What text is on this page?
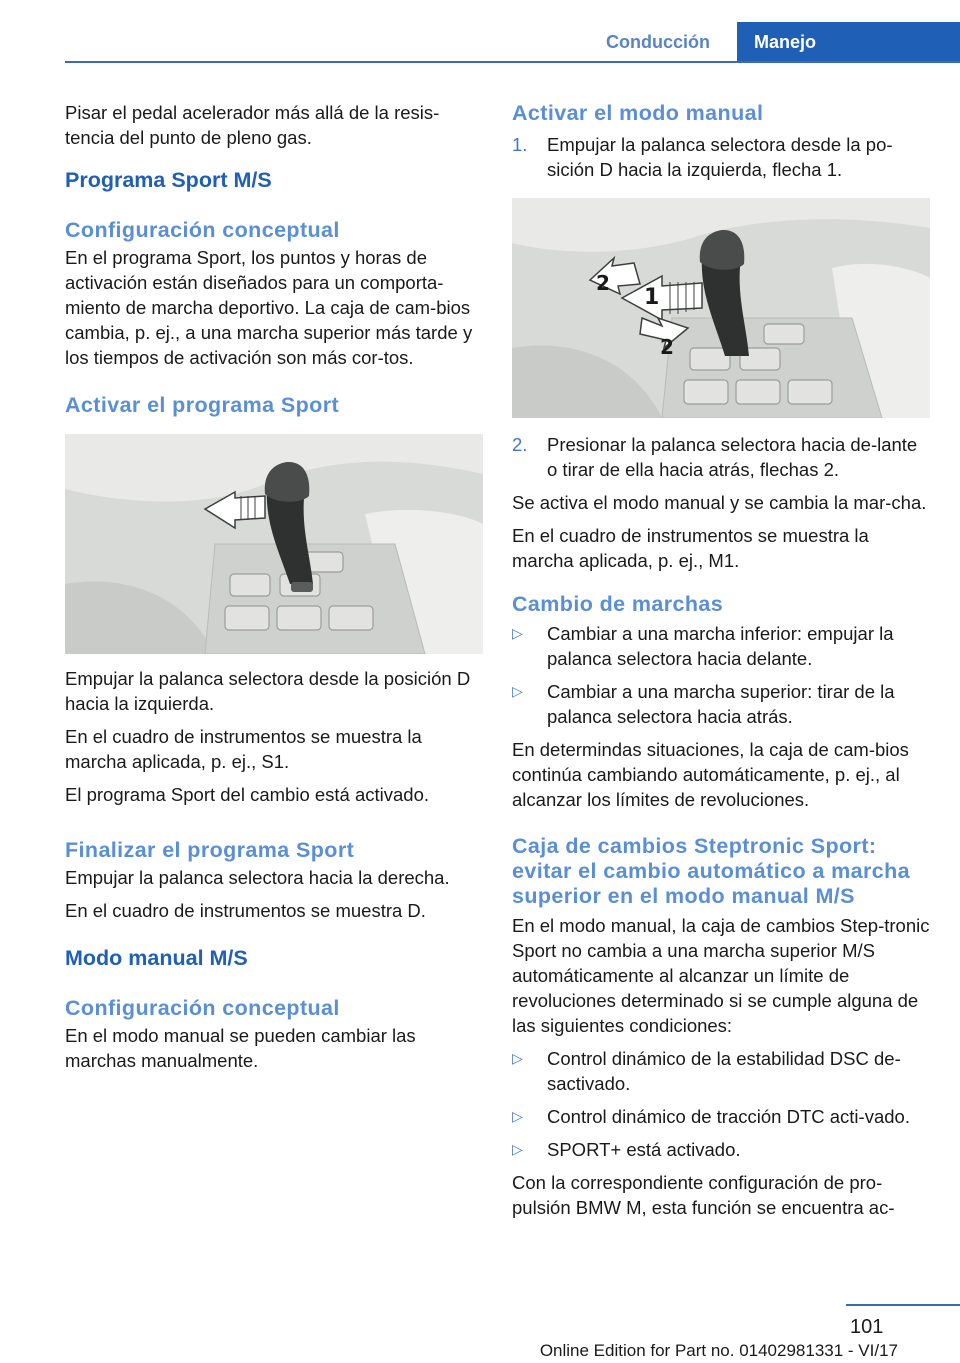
Conducción	Manejo

Pisar el pedal acelerador más allá de la resis‐tencia del punto de pleno gas.

Programa Sport M/S
Configuración conceptual

En el programa Sport, los puntos y horas de activación están diseñados para un comporta‐miento de marcha deportivo. La caja de cam‐bios cambia, p. ej., a una marcha superior más tarde y los tiempos de activación son más cor‐tos.

Activar el programa Sport

Empujar la palanca selectora desde la posición D hacia la izquierda.

En el cuadro de instrumentos se muestra la marcha aplicada, p. ej., S1.

El programa Sport del cambio está activado.

Finalizar el programa Sport

Empujar la palanca selectora hacia la derecha.

En el cuadro de instrumentos se muestra D.

Modo manual M/S
Configuración conceptual

En el modo manual se pueden cambiar las marchas manualmente.

Activar el modo manual
1. Empujar la palanca selectora desde la po‐sición D hacia la izquierda, flecha 1.
1
2
2
2. Presionar la palanca selectora hacia de‐lante o tirar de ella hacia atrás, flechas 2.

Se activa el modo manual y se cambia la mar‐cha.

En el cuadro de instrumentos se muestra la marcha aplicada, p. ej., M1.

Cambio de marchas
▷ Cambiar a una marcha inferior: empujar la palanca selectora hacia delante.
▷ Cambiar a una marcha superior: tirar de la palanca selectora hacia atrás.

En determindas situaciones, la caja de cam‐bios continúa cambiando automáticamente, p. ej., al alcanzar los límites de revoluciones.

Caja de cambios Steptronic Sport: evitar el cambio automático a marcha superior en el modo manual M/S

En el modo manual, la caja de cambios Step‐tronic Sport no cambia a una marcha superior M/S automáticamente al alcanzar un límite de revoluciones determinado si se cumple alguna de las siguientes condiciones:

▷ Control dinámico de la estabilidad DSC de‐sactivado.
▷ Control dinámico de tracción DTC acti‐vado.
▷ SPORT+ está activado.

Con la correspondiente configuración de pro‐pulsión BMW M, esta función se encuentra ac‐

101
Online Edition for Part no. 01402981331 - VI/17
